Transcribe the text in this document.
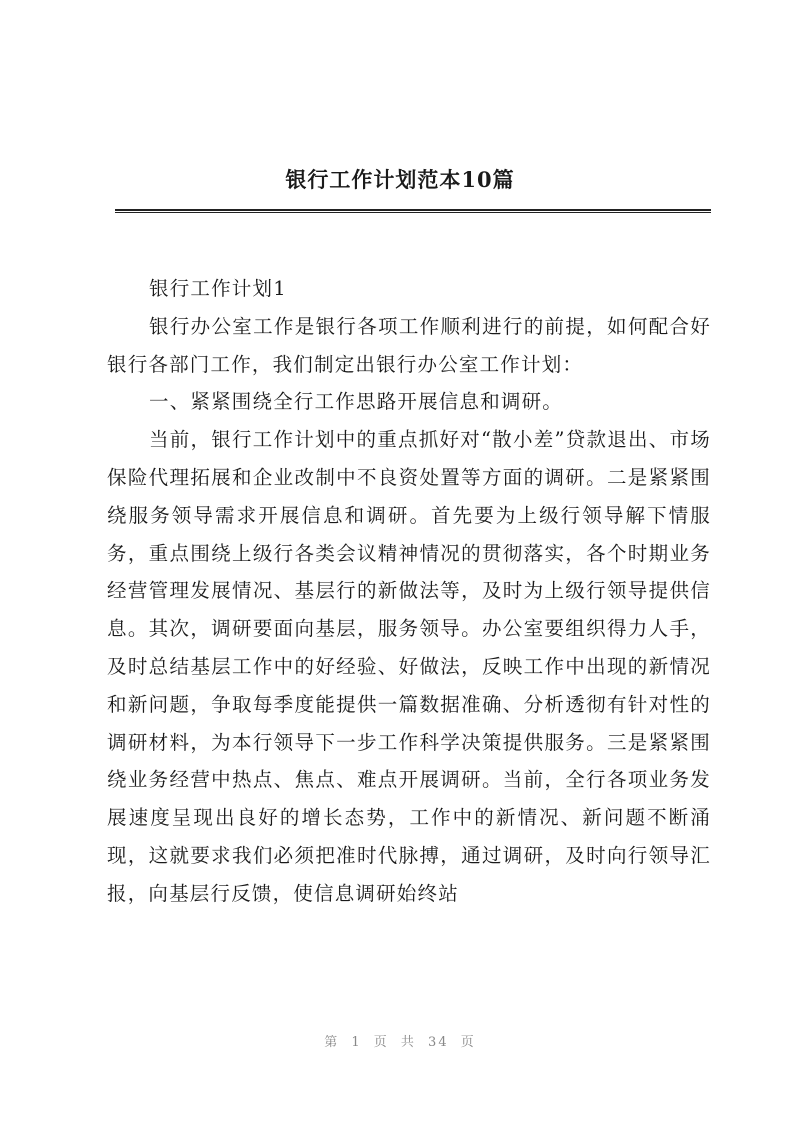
银行工作计划范本10篇

银行工作计划1

银行办公室工作是银行各项工作顺利进行的前提，如何配合好银行各部门工作，我们制定出银行办公室工作计划：

一、紧紧围绕全行工作思路开展信息和调研。

当前，银行工作计划中的重点抓好对“散小差”贷款退出、市场保险代理拓展和企业改制中不良资处置等方面的调研。二是紧紧围绕服务领导需求开展信息和调研。首先要为上级行领导解下情服务，重点围绕上级行各类会议精神情况的贯彻落实，各个时期业务经营管理发展情况、基层行的新做法等，及时为上级行领导提供信息。其次，调研要面向基层，服务领导。办公室要组织得力人手，及时总结基层工作中的好经验、好做法，反映工作中出现的新情况和新问题，争取每季度能提供一篇数据准确、分析透彻有针对性的调研材料，为本行领导下一步工作科学决策提供服务。三是紧紧围绕业务经营中热点、焦点、难点开展调研。当前，全行各项业务发展速度呈现出良好的增长态势，工作中的新情况、新问题不断涌现，这就要求我们必须把准时代脉搏，通过调研，及时向行领导汇报，向基层行反馈，使信息调研始终站

第 1 页 共 34 页
